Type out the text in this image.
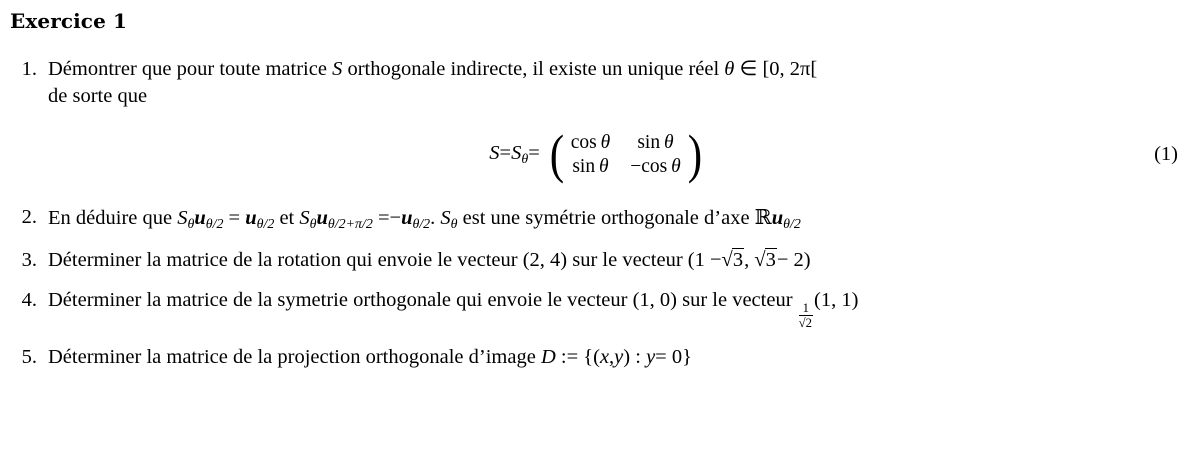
Exercice 1
1. Démontrer que pour toute matrice S orthogonale indirecte, il existe un unique réel θ ∈ [0, 2π[
de sorte que
$S=S_\theta=$ ( cos  θ	sin  θ
sin  θ −cos  θ )	(1)
2. En déduire que $S_\theta u_{\theta/2} = u_{\theta/2}$ et $S_\theta u_{\theta/2+\pi/2} =-u_{\theta/2}$. $S_\theta$ est une symétrie orthogonale d’axe ℝu$_{\theta/2}$
3. Déterminer la matrice de la rotation qui envoie le vecteur (2, 4) sur le vecteur (1 −√3, √3− 2)
4. Déterminer la matrice de la symetrie orthogonale qui envoie le vecteur (1, 0) sur le vecteur
$\frac{1}{√2}$
(1, 1)
5. Déterminer la matrice de la projection orthogonale d’image D := {(x,y) : y= 0}
